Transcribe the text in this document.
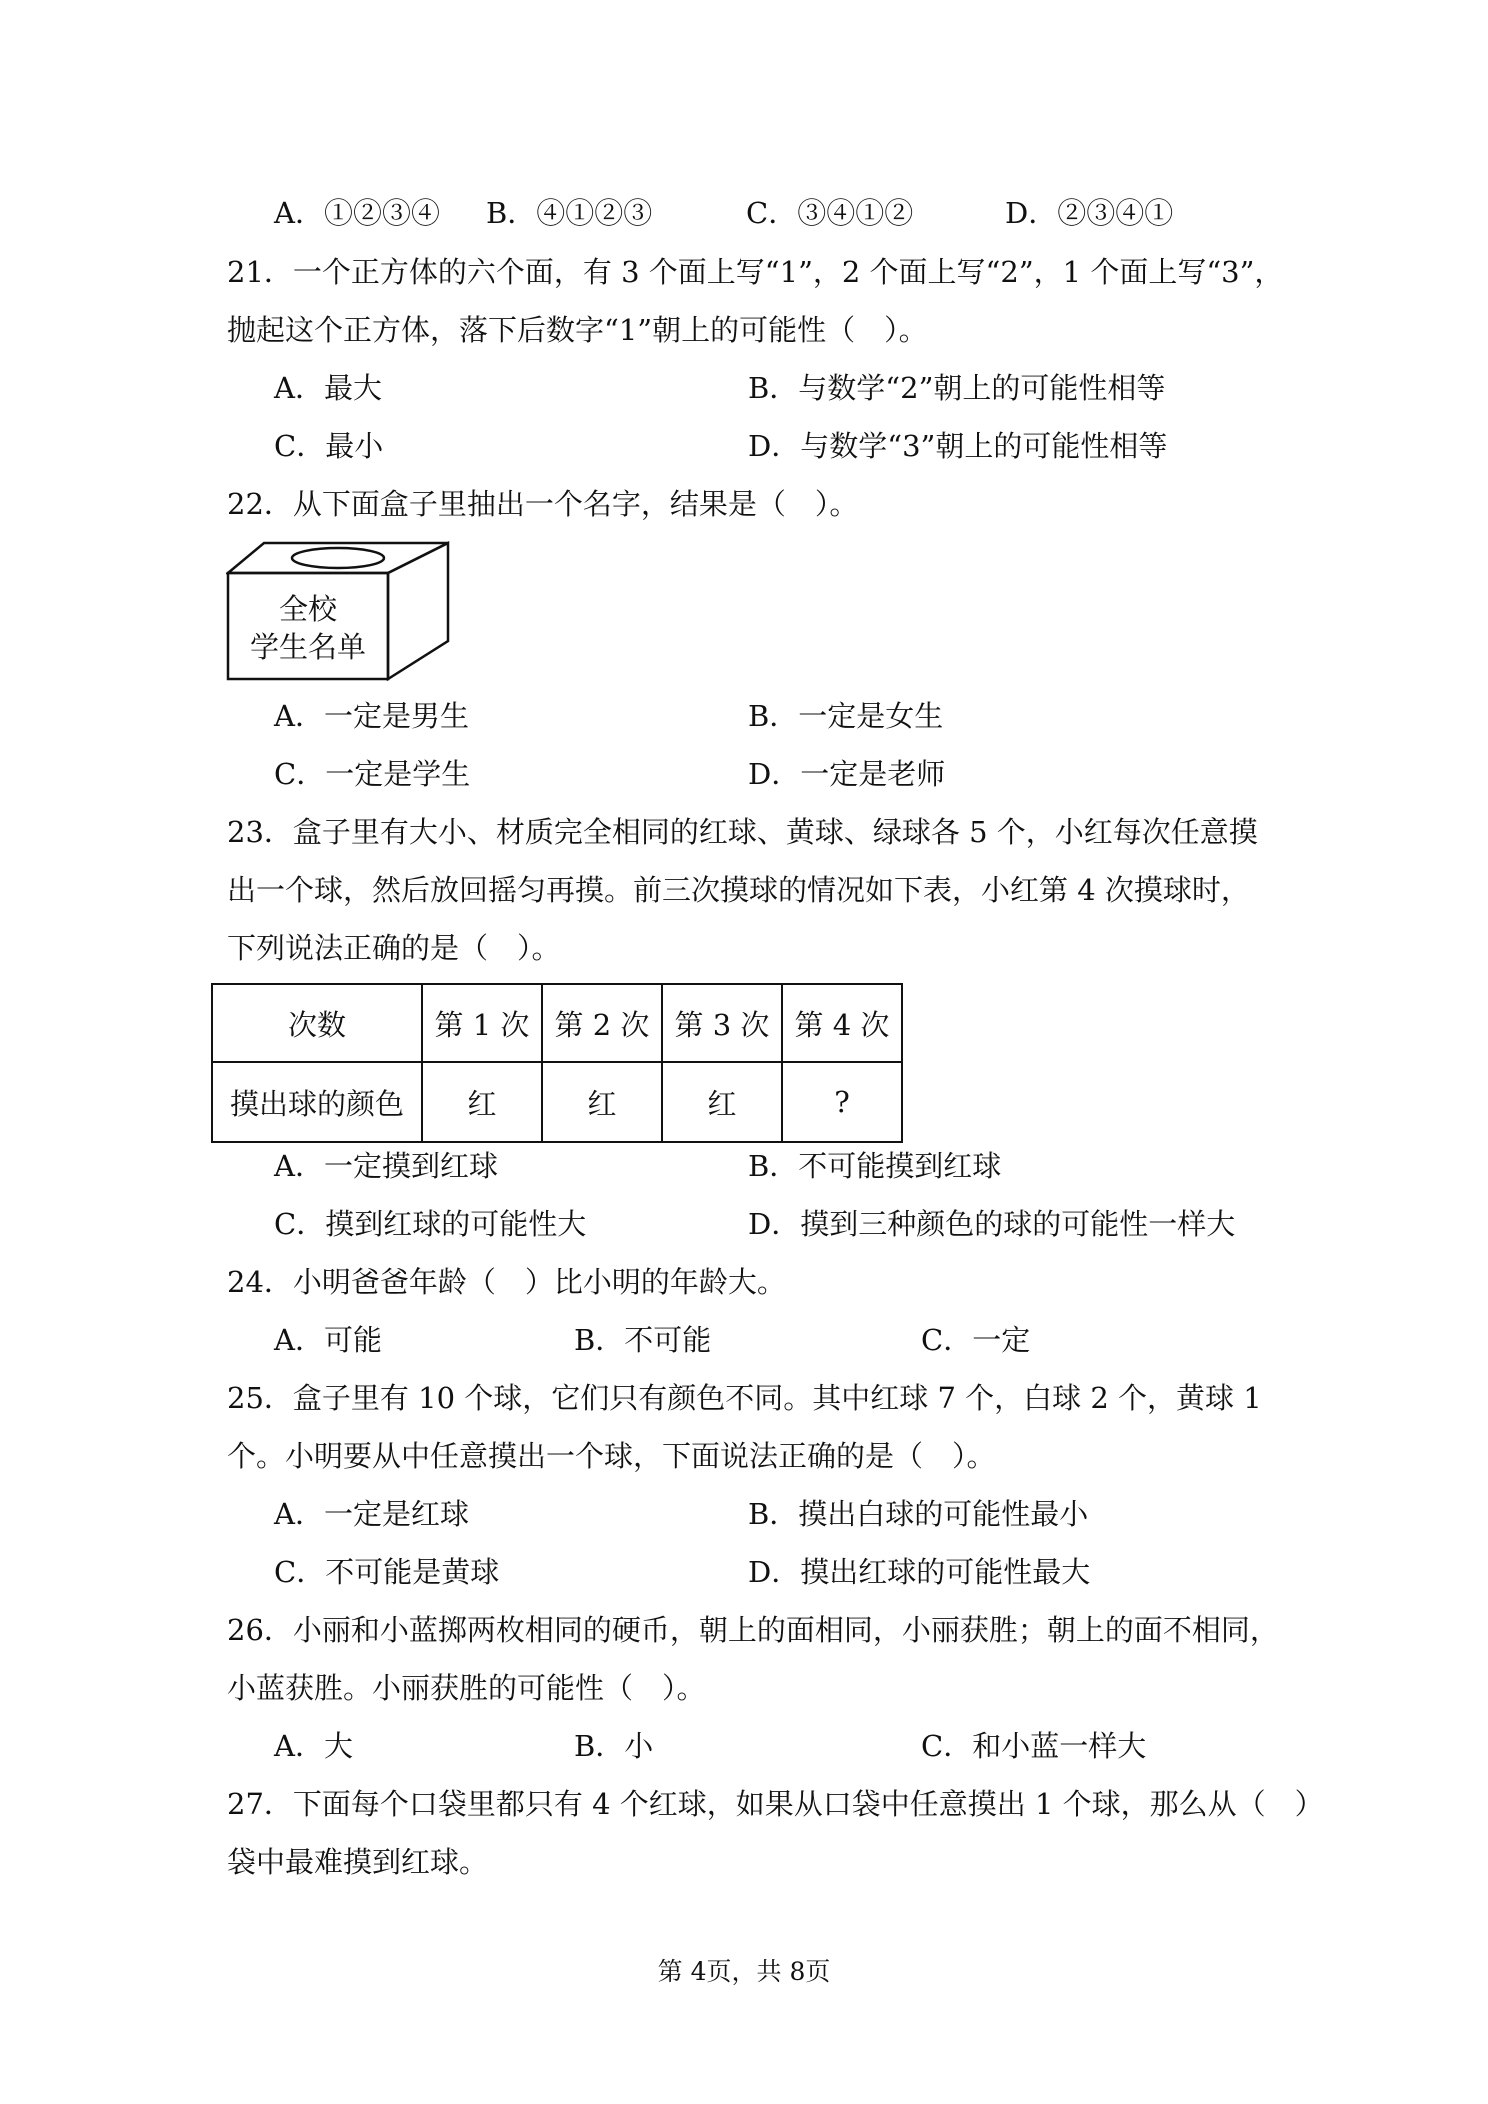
A．①②③④ B．④①②③	C．③④①②	D．②③④①
21．一个正方体的六个面，有 3 个面上写“1”，2 个面上写“2”，1 个面上写“3”，
抛起这个正方体，落下后数字“1”朝上的可能性（　）。
A．最大	B．与数学“2”朝上的可能性相等
C．最小	D．与数学“3”朝上的可能性相等
22．从下面盒子里抽出一个名字，结果是（　）。
全校
学生名单
A．一定是男生	B．一定是女生
C．一定是学生	D．一定是老师
23．盒子里有大小、材质完全相同的红球、黄球、绿球各 5 个，小红每次任意摸
出一个球，然后放回摇匀再摸。前三次摸球的情况如下表，小红第 4 次摸球时，
下列说法正确的是（　）。
次数	第 1 次	第 2 次	第 3 次	第 4 次
摸出球的颜色	红	红	红	?
A．一定摸到红球	B．不可能摸到红球
C．摸到红球的可能性大	D．摸到三种颜色的球的可能性一样大
24．小明爸爸年龄（　）比小明的年龄大。
A．可能	B．不可能	C．一定
25．盒子里有 10 个球，它们只有颜色不同。其中红球 7 个，白球 2 个，黄球 1
个。小明要从中任意摸出一个球，下面说法正确的是（　）。
A．一定是红球	B．摸出白球的可能性最小
C．不可能是黄球	D．摸出红球的可能性最大
26．小丽和小蓝掷两枚相同的硬币，朝上的面相同，小丽获胜；朝上的面不相同，
小蓝获胜。小丽获胜的可能性（　）。
A．大	B．小	C．和小蓝一样大
27．下面每个口袋里都只有 4 个红球，如果从口袋中任意摸出 1 个球，那么从（　）
袋中最难摸到红球。
第 4页，共 8页
